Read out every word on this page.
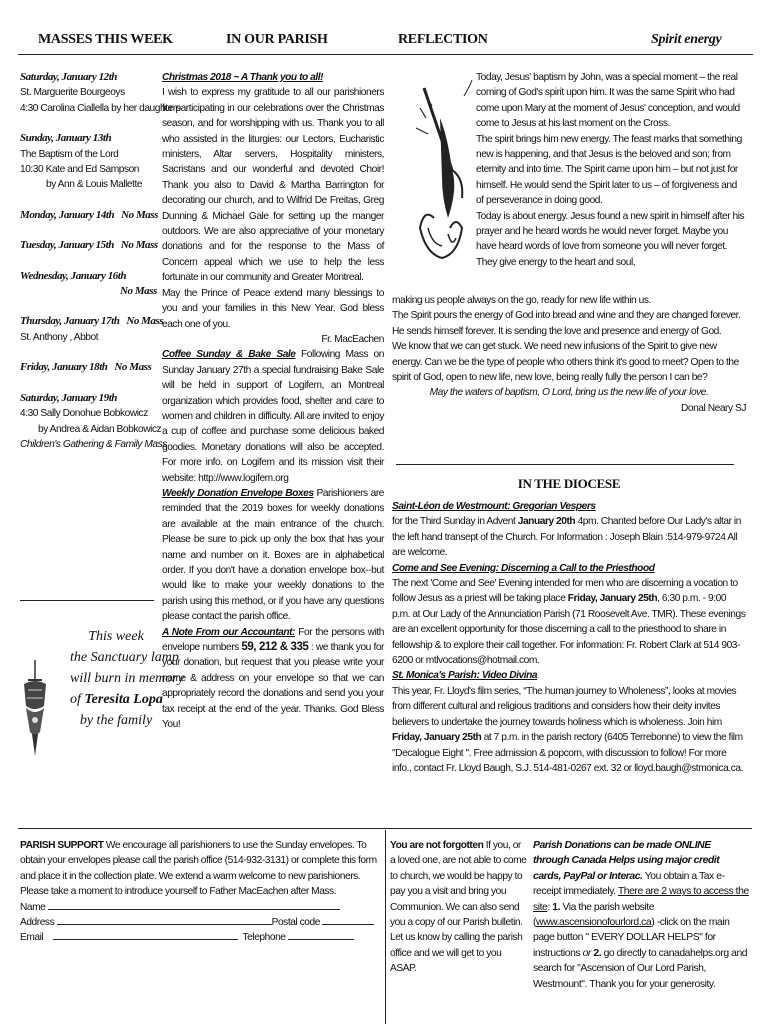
MASSES THIS WEEK	IN OUR PARISH	REFLECTION	Spirit energy
Saturday, January 12th
St. Marguerite Bourgeoys
4:30 Carolina Ciallella by her daughters
Sunday, January 13th
The Baptism of the Lord
10:30 Kate and Ed Sampson
by Ann & Louis Mallette
Monday, January 14th No Mass
Tuesday, January 15th No Mass
Wednesday, January 16th
No Mass
Thursday, January 17th No Mass
St. Anthony , Abbot
Friday, January 18th No Mass
Saturday, January 19th
4:30 Sally Donohue Bobkowicz
by Andrea & Aidan Bobkowicz
Children's Gathering & Family Mass
This week
the Sanctuary lamp
will burn in memory
of Teresita Lopa
by the family

Christmas 2018 ~ A Thank you to all!

I wish to express my gratitude to all our parishioners for participating in our celebrations over the Christmas season, and for worshipping with us. Thank you to all who assisted in the liturgies: our Lectors, Eucharistic ministers, Altar servers, Hospitality ministers, Sacristans and our wonderful and devoted Choir! Thank you also to David & Martha Barrington for decorating our church, and to Wilfrid De Freitas, Greg Dunning & Michael Gale for setting up the manger outdoors. We are also appreciative of your monetary donations and for the response to the Mass of Concern appeal which we use to help the less fortunate in our community and Greater Montreal.

May the Prince of Peace extend many blessings to you and your families in this New Year. God bless each one of you.

Fr. MacEachen

Coffee Sunday & Bake Sale Following Mass on Sunday January 27th a special fundraising Bake Sale will be held in support of Logifem, an Montreal organization which provides food, shelter and care to women and children in difficulty. All are invited to enjoy a cup of coffee and purchase some delicious baked goodies. Monetary donations will also be accepted. For more info. on Logifem and its mission visit their website: http://www.logifem.org

Weekly Donation Envelope Boxes Parishioners are reminded that the 2019 boxes for weekly donations are available at the main entrance of the church. Please be sure to pick up only the box that has your name and number on it. Boxes are in alphabetical order. If you don't have a donation envelope box--but would like to make your weekly donations to the parish using this method, or if you have any questions please contact the parish office.

A Note From our Accountant: For the persons with envelope numbers 59, 212 & 335 : we thank you for your donation, but request that you please write your name & address on your envelope so that we can appropriately record the donations and send you your tax receipt at the end of the year. Thanks. God Bless You!

Today, Jesus' baptism by John, was a special moment – the real coming of God's spirit upon him. It was the same Spirit who had come upon Mary at the moment of Jesus' conception, and would come to Jesus at his last moment on the Cross.

The spirit brings him new energy. The feast marks that something new is happening, and that Jesus is the beloved and son; from eternity and into time. The Spirit came upon him – but not just for himself. He would send the Spirit later to us – of forgiveness and of perseverance in doing good.

Today is about energy. Jesus found a new spirit in himself after his prayer and he heard words he would never forget. Maybe you have heard words of love from someone you will never forget. They give energy to the heart and soul,

making us people always on the go, ready for new life within us.

The Spirit pours the energy of God into bread and wine and they are changed forever. He sends himself forever. It is sending the love and presence and energy of God.

We know that we can get stuck. We need new infusions of the Spirit to give new energy. Can we be the type of people who others think it's good to meet? Open to the spirit of God, open to new life, new love, being really fully the person I can be?

May the waters of baptism, O Lord, bring us the new life of your love.

Donal Neary SJ

IN THE DIOCESE

Saint-Léon de Westmount: Gregorian Vespers

for the Third Sunday in Advent January 20th 4pm. Chanted before Our Lady's altar in the left hand transept of the Church. For Information : Joseph Blain :514-979-9724 All are welcome.

Come and See Evening: Discerning a Call to the Priesthood

The next 'Come and See' Evening intended for men who are discerning a vocation to follow Jesus as a priest will be taking place Friday, January 25th, 6:30 p.m. - 9:00 p.m. at Our Lady of the Annunciation Parish (71 Roosevelt Ave. TMR). These evenings are an excellent opportunity for those discerning a call to the priesthood to share in fellowship & to explore their call together. For information: Fr. Robert Clark at 514 903-6200 or mtlvocations@hotmail.com.

St. Monica's Parish: Video Divina

This year, Fr. Lloyd's film series, “The human journey to Wholeness”, looks at movies from different cultural and religious traditions and considers how their deity invites believers to undertake the journey towards holiness which is wholeness. Join him Friday, January 25th at 7 p.m. in the parish rectory (6405 Terrebonne) to view the film "Decalogue Eight ". Free admission & popcorn, with discussion to follow! For more info., contact Fr. Lloyd Baugh, S.J. 514-481-0267 ext. 32 or lloyd.baugh@stmonica.ca.

PARISH SUPPORT We encourage all parishioners to use the Sunday envelopes. To obtain your envelopes please call the parish office (514-932-3131) or complete this form and place it in the collection plate. We extend a warm welcome to new parishioners. Please take a moment to introduce yourself to Father MacEachen after Mass.

Name
Address	Postal code
Email	Telephone

You are not forgotten If you, or a loved one, are not able to come to church, we would be happy to pay you a visit and bring you Communion. We can also send you a copy of our Parish bulletin. Let us know by calling the parish office and we will get to you ASAP.

Parish Donations can be made ONLINE through Canada Helps using major credit cards, PayPal or Interac. You obtain a Tax e-receipt immediately. There are 2 ways to access the site: 1. Via the parish website (www.ascensionofourlord.ca) -click on the main page button " EVERY DOLLAR HELPS" for instructions or 2. go directly to canadahelps.org and search for "Ascension of Our Lord Parish, Westmount". Thank you for your generosity.
